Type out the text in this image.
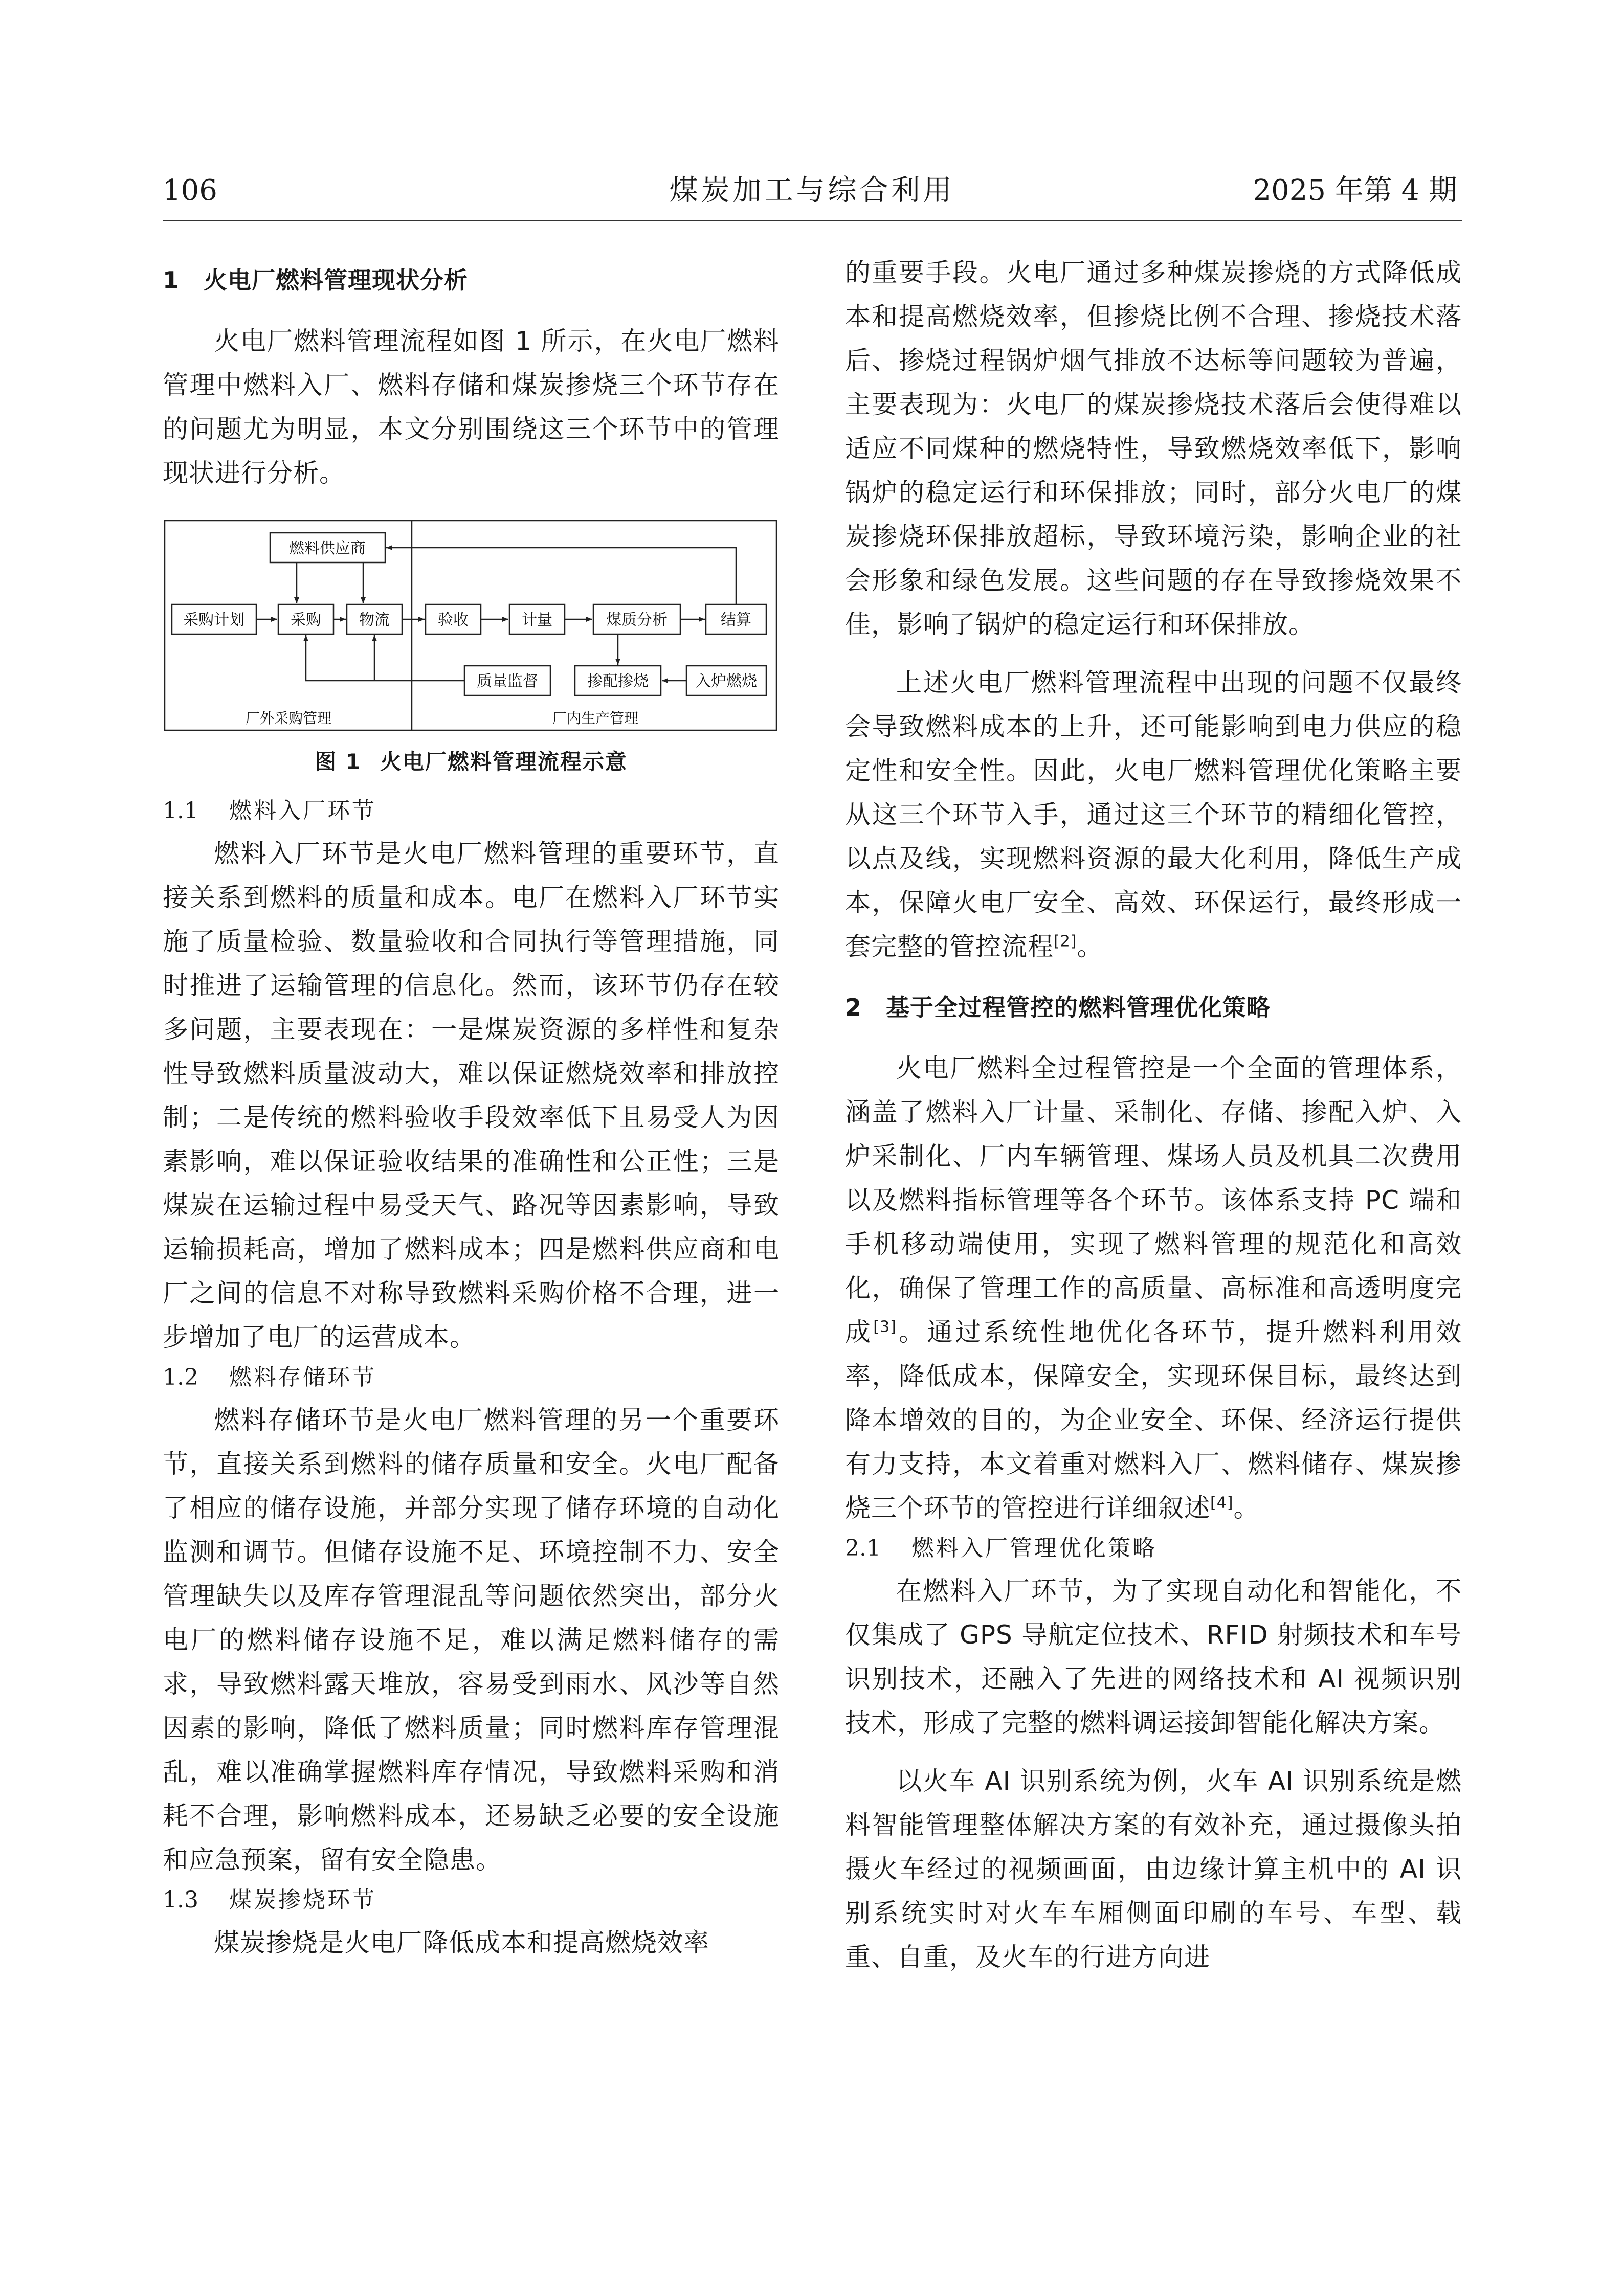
106	煤炭加工与综合利用	2025 年第 4 期
1 火电厂燃料管理现状分析

火电厂燃料管理流程如图 1 所示，在火电厂燃料管理中燃料入厂、燃料存储和煤炭掺烧三个环节存在的问题尤为明显，本文分别围绕这三个环节中的管理现状进行分析。

燃料供应商
采购计划	采购 物流	验收	计量	煤质分析	结算
质量监督	掺配掺烧	入炉燃烧
厂外采购管理	厂内生产管理
图 1 火电厂燃料管理流程示意
1.1 燃料入厂环节

燃料入厂环节是火电厂燃料管理的重要环节，直接关系到燃料的质量和成本。电厂在燃料入厂环节实施了质量检验、数量验收和合同执行等管理措施，同时推进了运输管理的信息化。然而，该环节仍存在较多问题，主要表现在：一是煤炭资源的多样性和复杂性导致燃料质量波动大，难以保证燃烧效率和排放控制；二是传统的燃料验收手段效率低下且易受人为因素影响，难以保证验收结果的准确性和公正性；三是煤炭在运输过程中易受天气、路况等因素影响，导致运输损耗高，增加了燃料成本；四是燃料供应商和电厂之间的信息不对称导致燃料采购价格不合理，进一步增加了电厂的运营成本。

1.2 燃料存储环节

燃料存储环节是火电厂燃料管理的另一个重要环节，直接关系到燃料的储存质量和安全。火电厂配备了相应的储存设施，并部分实现了储存环境的自动化监测和调节。但储存设施不足、环境控制不力、安全管理缺失以及库存管理混乱等问题依然突出，部分火电厂的燃料储存设施不足，难以满足燃料储存的需求，导致燃料露天堆放，容易受到雨水、风沙等自然因素的影响，降低了燃料质量；同时燃料库存管理混乱，难以准确掌握燃料库存情况，导致燃料采购和消耗不合理，影响燃料成本，还易缺乏必要的安全设施和应急预案，留有安全隐患。

1.3 煤炭掺烧环节

煤炭掺烧是火电厂降低成本和提高燃烧效率

的重要手段。火电厂通过多种煤炭掺烧的方式降低成本和提高燃烧效率，但掺烧比例不合理、掺烧技术落后、掺烧过程锅炉烟气排放不达标等问题较为普遍，主要表现为：火电厂的煤炭掺烧技术落后会使得难以适应不同煤种的燃烧特性，导致燃烧效率低下，影响锅炉的稳定运行和环保排放；同时，部分火电厂的煤炭掺烧环保排放超标，导致环境污染，影响企业的社会形象和绿色发展。这些问题的存在导致掺烧效果不佳，影响了锅炉的稳定运行和环保排放。

上述火电厂燃料管理流程中出现的问题不仅最终会导致燃料成本的上升，还可能影响到电力供应的稳定性和安全性。因此，火电厂燃料管理优化策略主要从这三个环节入手，通过这三个环节的精细化管控，以点及线，实现燃料资源的最大化利用，降低生产成本，保障火电厂安全、高效、环保运行，最终形成一套完整的管控流程[2]。

2 基于全过程管控的燃料管理优化策略

火电厂燃料全过程管控是一个全面的管理体系，涵盖了燃料入厂计量、采制化、存储、掺配入炉、入炉采制化、厂内车辆管理、煤场人员及机具二次费用以及燃料指标管理等各个环节。该体系支持 PC 端和手机移动端使用，实现了燃料管理的规范化和高效化，确保了管理工作的高质量、高标准和高透明度完成[3]。通过系统性地优化各环节，提升燃料利用效率，降低成本，保障安全，实现环保目标，最终达到降本增效的目的，为企业安全、环保、经济运行提供有力支持，本文着重对燃料入厂、燃料储存、煤炭掺烧三个环节的管控进行详细叙述[4]。

2.1 燃料入厂管理优化策略

在燃料入厂环节，为了实现自动化和智能化，不仅集成了 GPS 导航定位技术、RFID 射频技术和车号识别技术，还融入了先进的网络技术和 AI 视频识别技术，形成了完整的燃料调运接卸智能化解决方案。

以火车 AI 识别系统为例，火车 AI 识别系统是燃料智能管理整体解决方案的有效补充，通过摄像头拍摄火车经过的视频画面，由边缘计算主机中的 AI 识别系统实时对火车车厢侧面印刷的车号、车型、载重、自重，及火车的行进方向进
